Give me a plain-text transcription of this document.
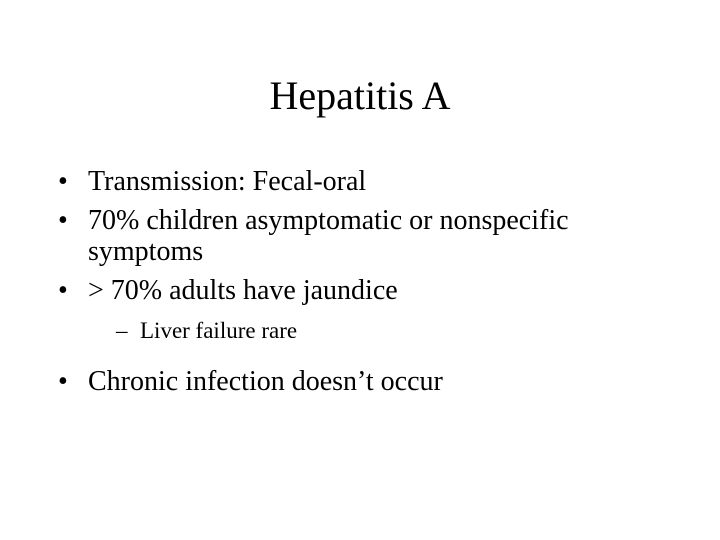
Hepatitis A
• Transmission: Fecal-oral
• 70% children asymptomatic or nonspecific symptoms
• > 70% adults have jaundice
– Liver failure rare
• Chronic infection doesn’t occur
